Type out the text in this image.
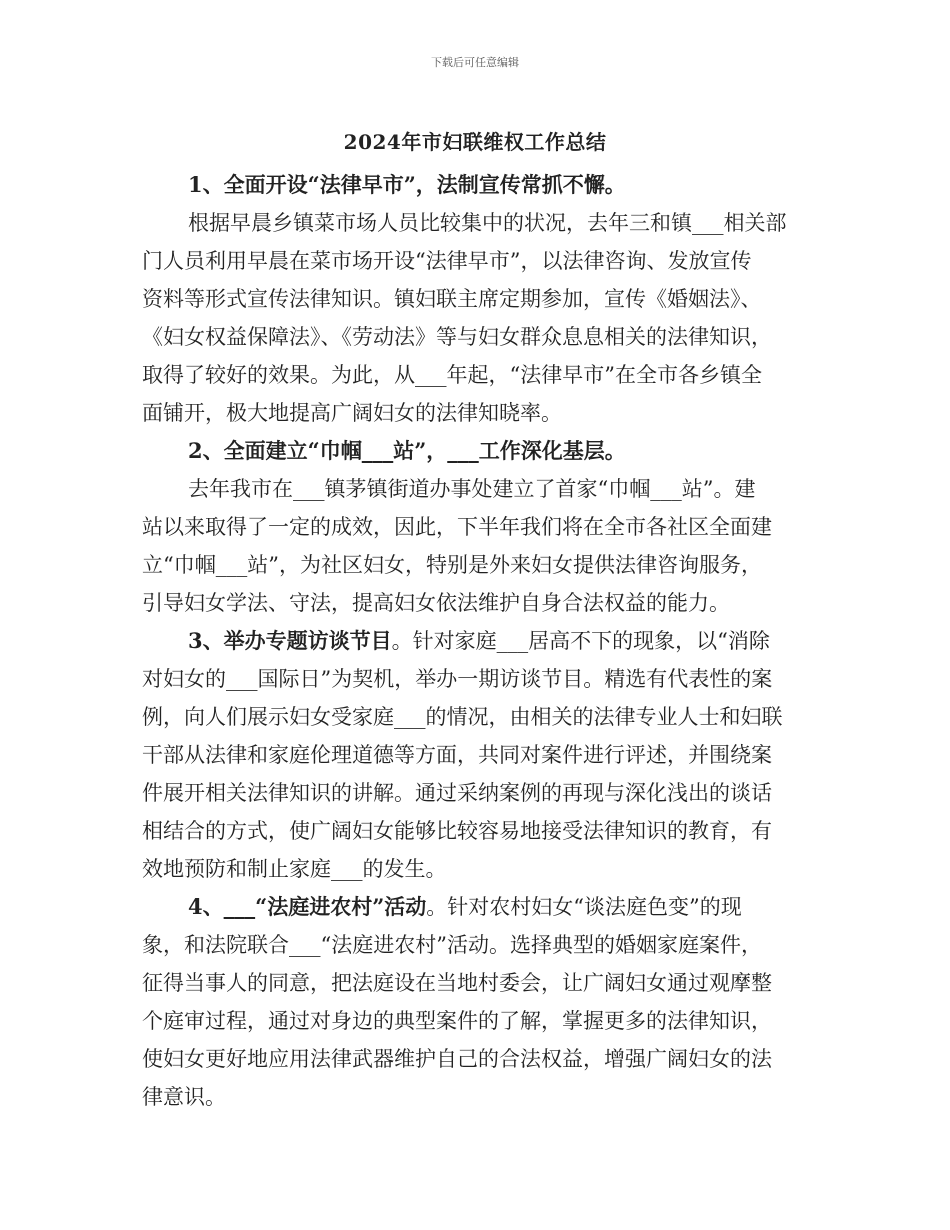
下载后可任意编辑
2024年市妇联维权工作总结
1、全面开设“法律早市”，法制宣传常抓不懈。
根据早晨乡镇菜市场人员比较集中的状况，去年三和镇___相关部
门人员利用早晨在菜市场开设“法律早市”，以法律咨询、发放宣传
资料等形式宣传法律知识。镇妇联主席定期参加，宣传《婚姻法》、
《妇女权益保障法》、《劳动法》等与妇女群众息息相关的法律知识，
取得了较好的效果。为此，从___年起，“法律早市”在全市各乡镇全
面铺开，极大地提高广阔妇女的法律知晓率。
2、全面建立“巾帼___站”，___工作深化基层。
去年我市在___镇茅镇街道办事处建立了首家“巾帼___站”。建
站以来取得了一定的成效，因此，下半年我们将在全市各社区全面建
立“巾帼___站”，为社区妇女，特别是外来妇女提供法律咨询服务，
引导妇女学法、守法，提高妇女依法维护自身合法权益的能力。
3、举办专题访谈节目。针对家庭___居高不下的现象，以“消除
对妇女的___国际日”为契机，举办一期访谈节目。精选有代表性的案
例，向人们展示妇女受家庭___的情况，由相关的法律专业人士和妇联
干部从法律和家庭伦理道德等方面，共同对案件进行评述，并围绕案
件展开相关法律知识的讲解。通过采纳案例的再现与深化浅出的谈话
相结合的方式，使广阔妇女能够比较容易地接受法律知识的教育，有
效地预防和制止家庭___的发生。
4、___“法庭进农村”活动。针对农村妇女“谈法庭色变”的现
象，和法院联合___“法庭进农村”活动。选择典型的婚姻家庭案件，
征得当事人的同意，把法庭设在当地村委会，让广阔妇女通过观摩整
个庭审过程，通过对身边的典型案件的了解，掌握更多的法律知识，
使妇女更好地应用法律武器维护自己的合法权益，增强广阔妇女的法
律意识。
